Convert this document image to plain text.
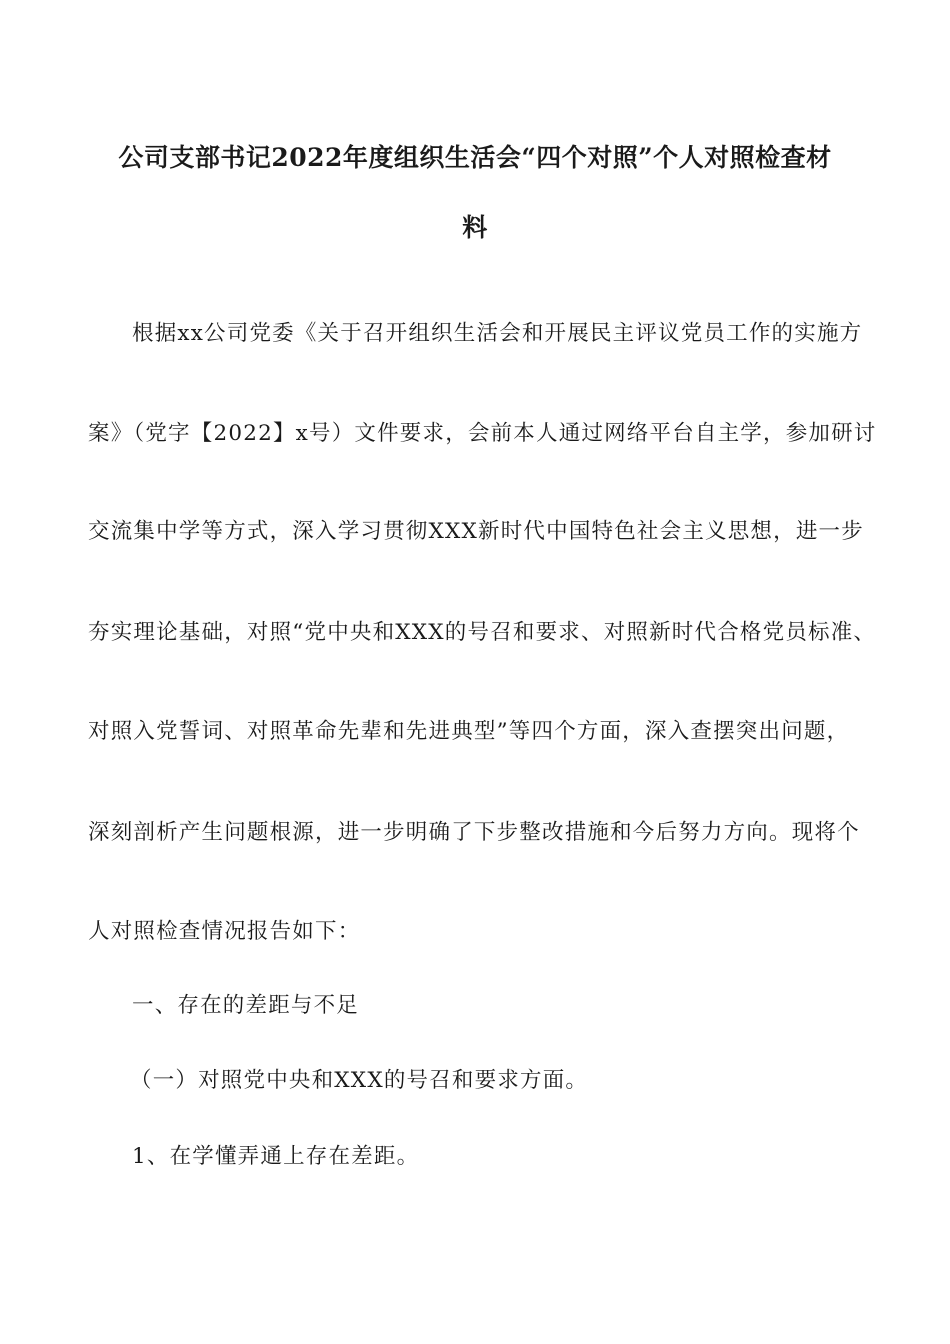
公司支部书记2022年度组织生活会“四个对照”个人对照检查材
料
根据xx公司党委《关于召开组织生活会和开展民主评议党员工作的实施方
案》（党字【2022】x号）文件要求，会前本人通过网络平台自主学，参加研讨
交流集中学等方式，深入学习贯彻XXX新时代中国特色社会主义思想，进一步
夯实理论基础，对照“党中央和XXX的号召和要求、对照新时代合格党员标准、
对照入党誓词、对照革命先辈和先进典型”等四个方面，深入查摆突出问题，
深刻剖析产生问题根源，进一步明确了下步整改措施和今后努力方向。现将个
人对照检查情况报告如下：
一、存在的差距与不足
（一）对照党中央和XXX的号召和要求方面。
1、在学懂弄通上存在差距。
